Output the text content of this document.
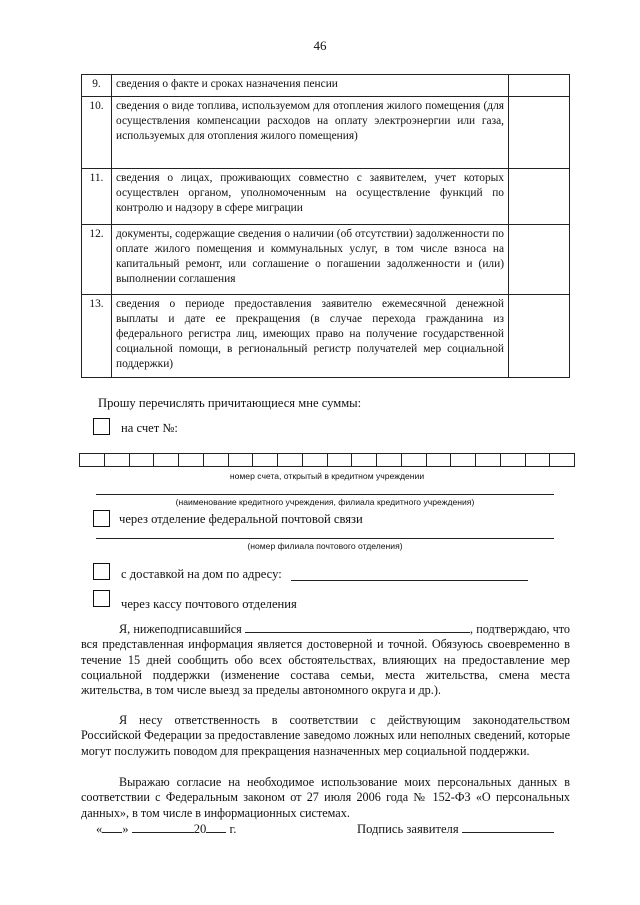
46
9.	сведения о факте и сроках назначения пенсии	
10.	сведения о виде топлива, используемом для отопления жилого помещения (для осуществления компенсации расходов на оплату электроэнергии или газа, используемых для отопления жилого помещения)	
11.	сведения о лицах, проживающих совместно с заявителем, учет которых осуществлен органом, уполномоченным на осуществление функций по контролю и надзору в сфере миграции	
12.	документы, содержащие сведения о наличии (об отсутствии) задолженности по оплате жилого помещения и коммунальных услуг, в том числе взноса на капитальный ремонт, или соглашение о погашении задолженности и (или) выполнении соглашения	
13.	сведения о периоде предоставления заявителю ежемесячной денежной выплаты и дате ее прекращения (в случае перехода гражданина из федерального регистра лиц, имеющих право на получение государственной социальной помощи, в региональный регистр получателей мер социальной поддержки)	
Прошу перечислять причитающиеся мне суммы:
на счет №:
номер счета, открытый в кредитном учреждении
(наименование кредитного учреждения, филиала кредитного учреждения)
через отделение федеральной почтовой связи
(номер филиала почтового отделения)
с доставкой на дом по адресу:
через кассу почтового отделения
Я, нижеподписавшийся	, подтверждаю, что вся представленная информация является достоверной и точной. Обязуюсь своевременно в течение 15 дней сообщить обо всех обстоятельствах, влияющих на предоставление мер социальной поддержки (изменение состава семьи, места жительства, смена места жительства, в том числе выезд за пределы автономного округа и др.).
Я несу ответственность в соответствии с действующим законодательством Российской Федерации за предоставление заведомо ложных или неполных сведений, которые могут послужить поводом для прекращения назначенных мер социальной поддержки.
Выражаю согласие на необходимое использование моих персональных данных в соответствии с Федеральным законом от 27 июля 2006 года № 152-ФЗ «О персональных данных», в том числе в информационных системах.
« »	20 г.	Подпись заявителя
